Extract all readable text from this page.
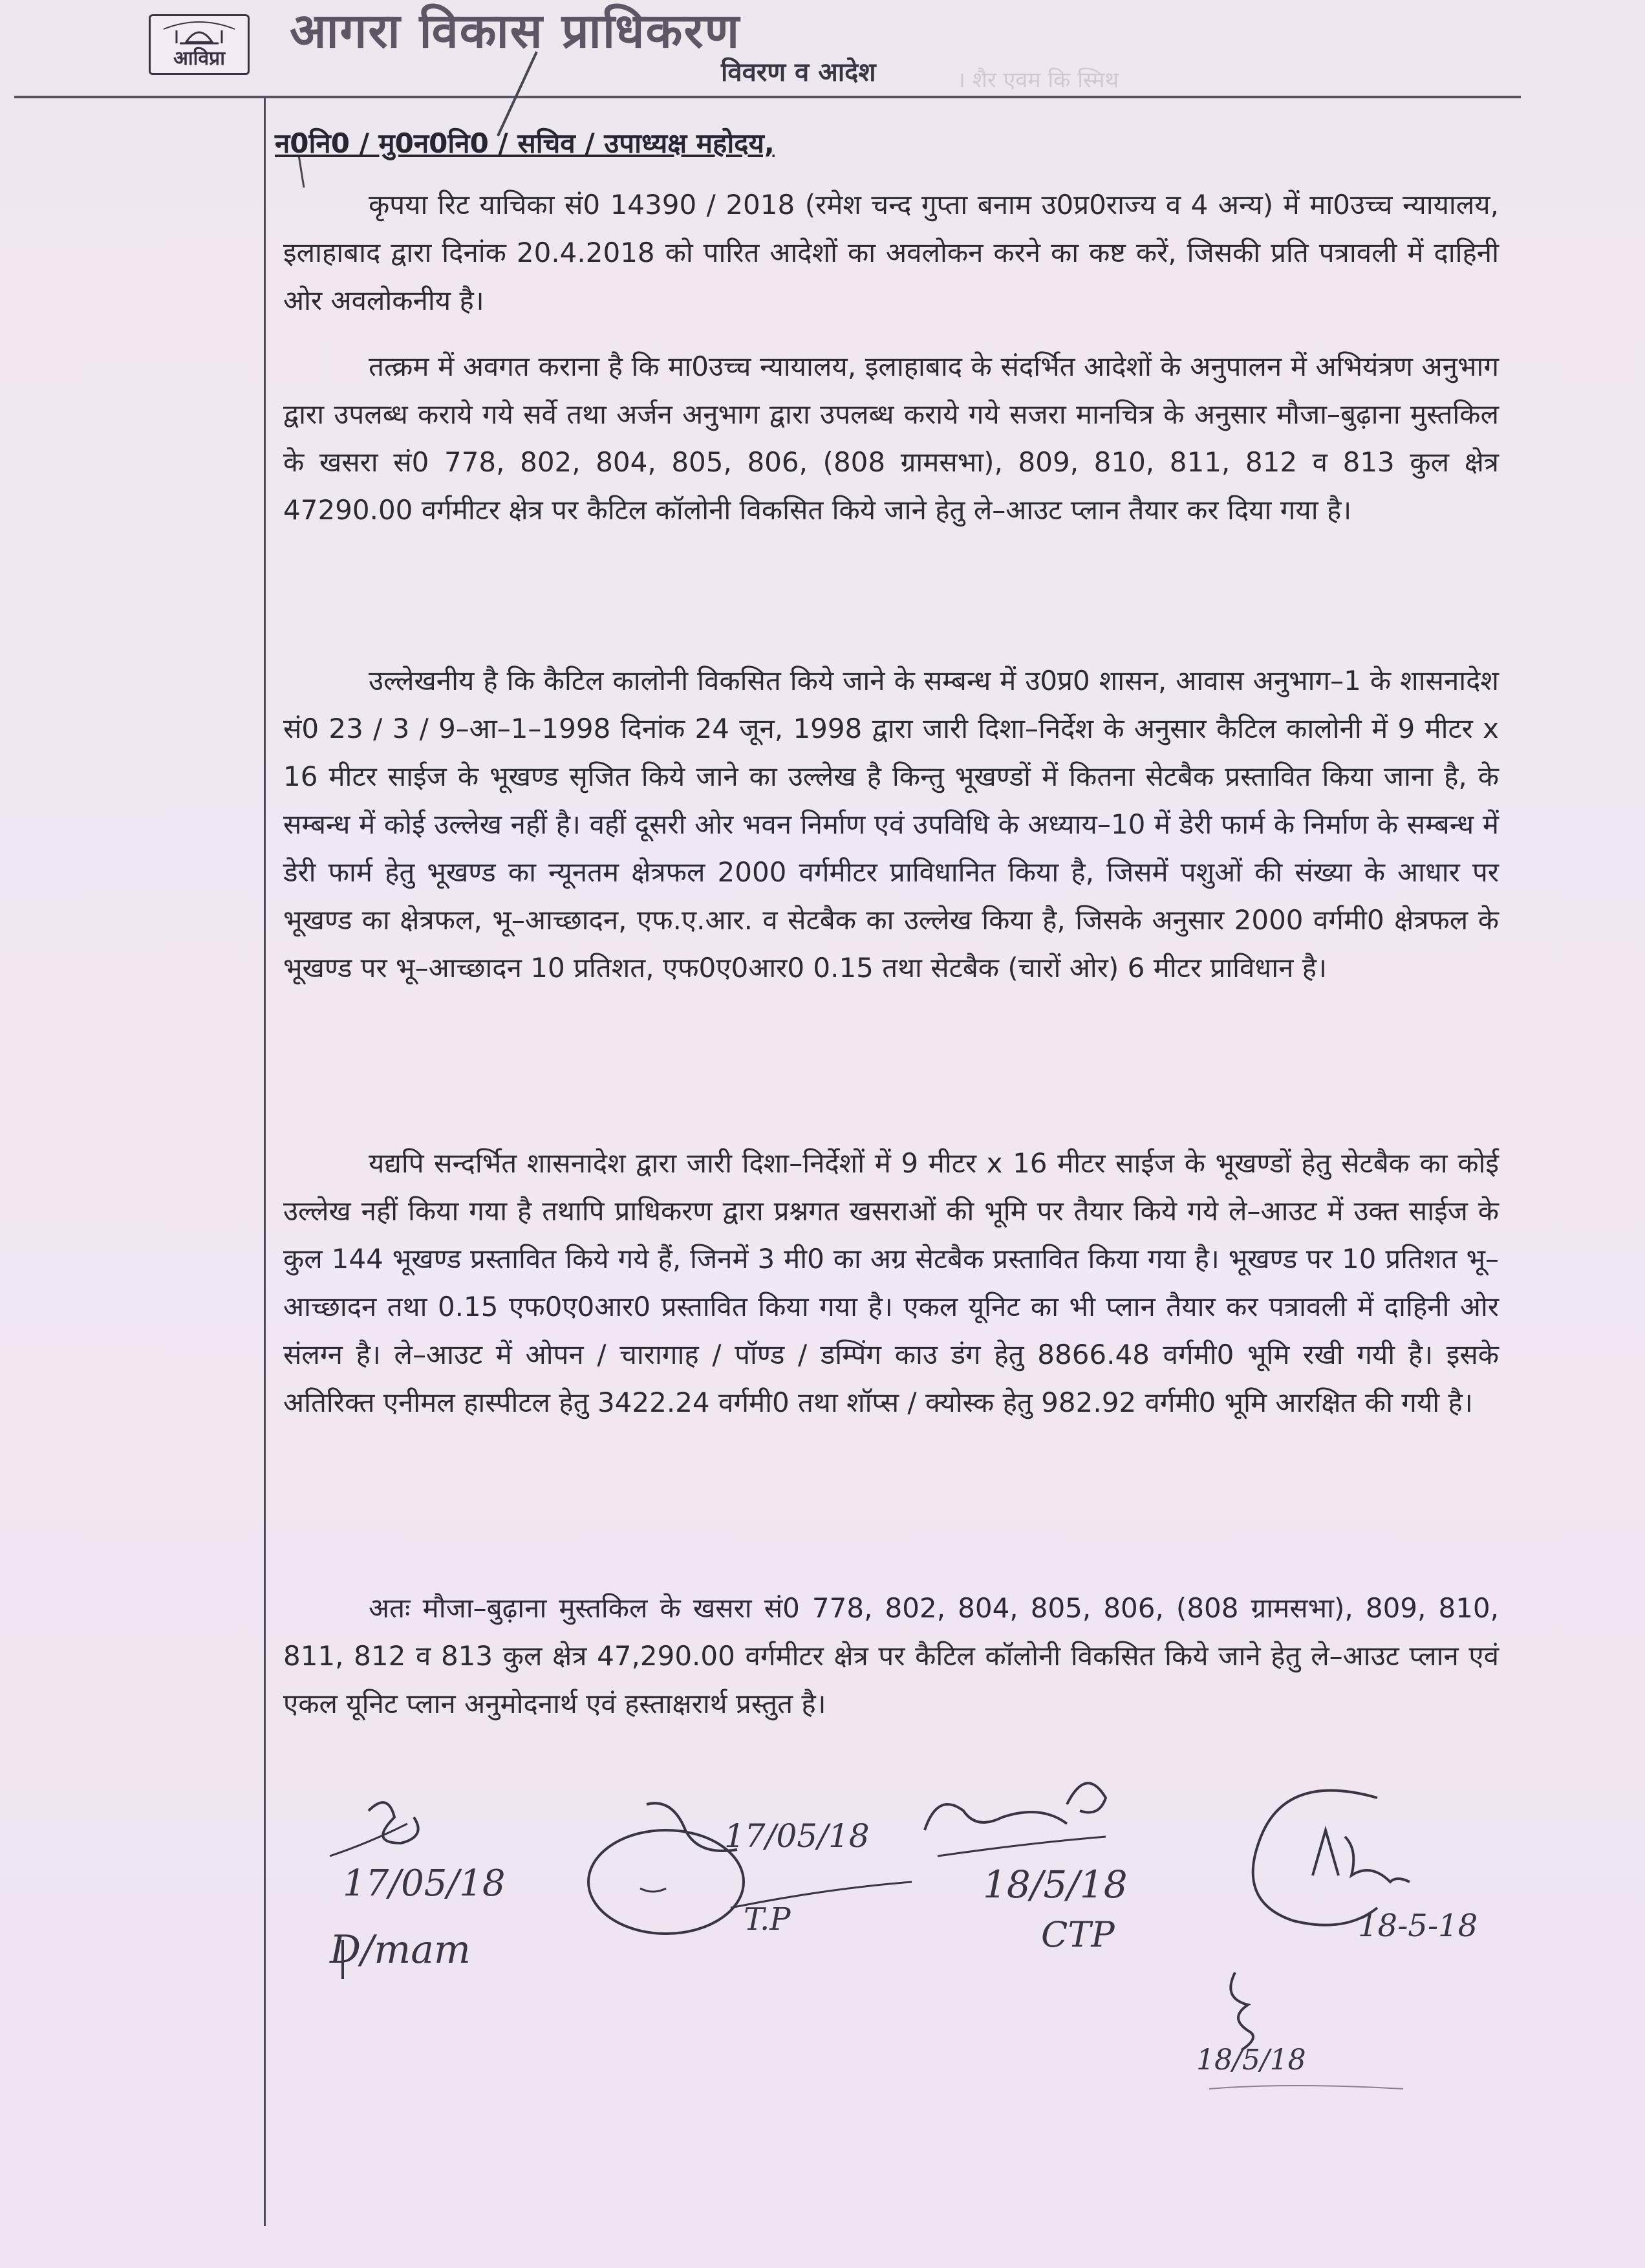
आविप्रा	आगरा विकास प्राधिकरण
विवरण व आदेश	। शैर एवम कि स्मिथ
न0नि0 / मु0न0नि0 / सचिव / उपाध्यक्ष महोदय,
कृपया रिट याचिका सं0 14390 / 2018 (रमेश चन्द गुप्ता बनाम उ0प्र0राज्य व 4 अन्य) में मा0उच्च न्यायालय, इलाहाबाद द्वारा दिनांक 20.4.2018 को पारित आदेशों का अवलोकन करने का कष्ट करें, जिसकी प्रति पत्रावली में दाहिनी ओर अवलोकनीय है।
तत्क्रम में अवगत कराना है कि मा0उच्च न्यायालय, इलाहाबाद के संदर्भित आदेशों के अनुपालन में अभियंत्रण अनुभाग द्वारा उपलब्ध कराये गये सर्वे तथा अर्जन अनुभाग द्वारा उपलब्ध कराये गये सजरा मानचित्र के अनुसार मौजा–बुढ़ाना मुस्तकिल के खसरा सं0 778, 802, 804, 805, 806, (808 ग्रामसभा), 809, 810, 811, 812 व 813 कुल क्षेत्र 47290.00 वर्गमीटर क्षेत्र पर कैटिल कॉलोनी विकसित किये जाने हेतु ले–आउट प्लान तैयार कर दिया गया है।
उल्लेखनीय है कि कैटिल कालोनी विकसित किये जाने के सम्बन्ध में उ0प्र0 शासन, आवास अनुभाग–1 के शासनादेश सं0 23 / 3 / 9–आ–1–1998 दिनांक 24 जून, 1998 द्वारा जारी दिशा–निर्देश के अनुसार कैटिल कालोनी में 9 मीटर x 16 मीटर साईज के भूखण्ड सृजित किये जाने का उल्लेख है किन्तु भूखण्डों में कितना सेटबैक प्रस्तावित किया जाना है, के सम्बन्ध में कोई उल्लेख नहीं है। वहीं दूसरी ओर भवन निर्माण एवं उपविधि के अध्याय–10 में डेरी फार्म के निर्माण के सम्बन्ध में डेरी फार्म हेतु भूखण्ड का न्यूनतम क्षेत्रफल 2000 वर्गमीटर प्राविधानित किया है, जिसमें पशुओं की संख्या के आधार पर भूखण्ड का क्षेत्रफल, भू–आच्छादन, एफ.ए.आर. व सेटबैक का उल्लेख किया है, जिसके अनुसार 2000 वर्गमी0 क्षेत्रफल के भूखण्ड पर भू–आच्छादन 10 प्रतिशत, एफ0ए0आर0 0.15 तथा सेटबैक (चारों ओर) 6 मीटर प्राविधान है।
यद्यपि सन्दर्भित शासनादेश द्वारा जारी दिशा–निर्देशों में 9 मीटर x 16 मीटर साईज के भूखण्डों हेतु सेटबैक का कोई उल्लेख नहीं किया गया है तथापि प्राधिकरण द्वारा प्रश्नगत खसराओं की भूमि पर तैयार किये गये ले–आउट में उक्त साईज के कुल 144 भूखण्ड प्रस्तावित किये गये हैं, जिनमें 3 मी0 का अग्र सेटबैक प्रस्तावित किया गया है। भूखण्ड पर 10 प्रतिशत भू–आच्छादन तथा 0.15 एफ0ए0आर0 प्रस्तावित किया गया है। एकल यूनिट का भी प्लान तैयार कर पत्रावली में दाहिनी ओर संलग्न है। ले–आउट में ओपन / चारागाह / पॉण्ड / डम्पिंग काउ डंग हेतु 8866.48 वर्गमी0 भूमि रखी गयी है। इसके अतिरिक्त एनीमल हास्पीटल हेतु 3422.24 वर्गमी0 तथा शॉप्स / क्योस्क हेतु 982.92 वर्गमी0 भूमि आरक्षित की गयी है।
अतः मौजा–बुढ़ाना मुस्तकिल के खसरा सं0 778, 802, 804, 805, 806, (808 ग्रामसभा), 809, 810, 811, 812 व 813 कुल क्षेत्र 47,290.00 वर्गमीटर क्षेत्र पर कैटिल कॉलोनी विकसित किये जाने हेतु ले–आउट प्लान एवं एकल यूनिट प्लान अनुमोदनार्थ एवं हस्ताक्षरार्थ प्रस्तुत है।
17/05/18
D/mam
17/05/18
T.P
18/5/18
CTP	18-5-18
18/5/18
